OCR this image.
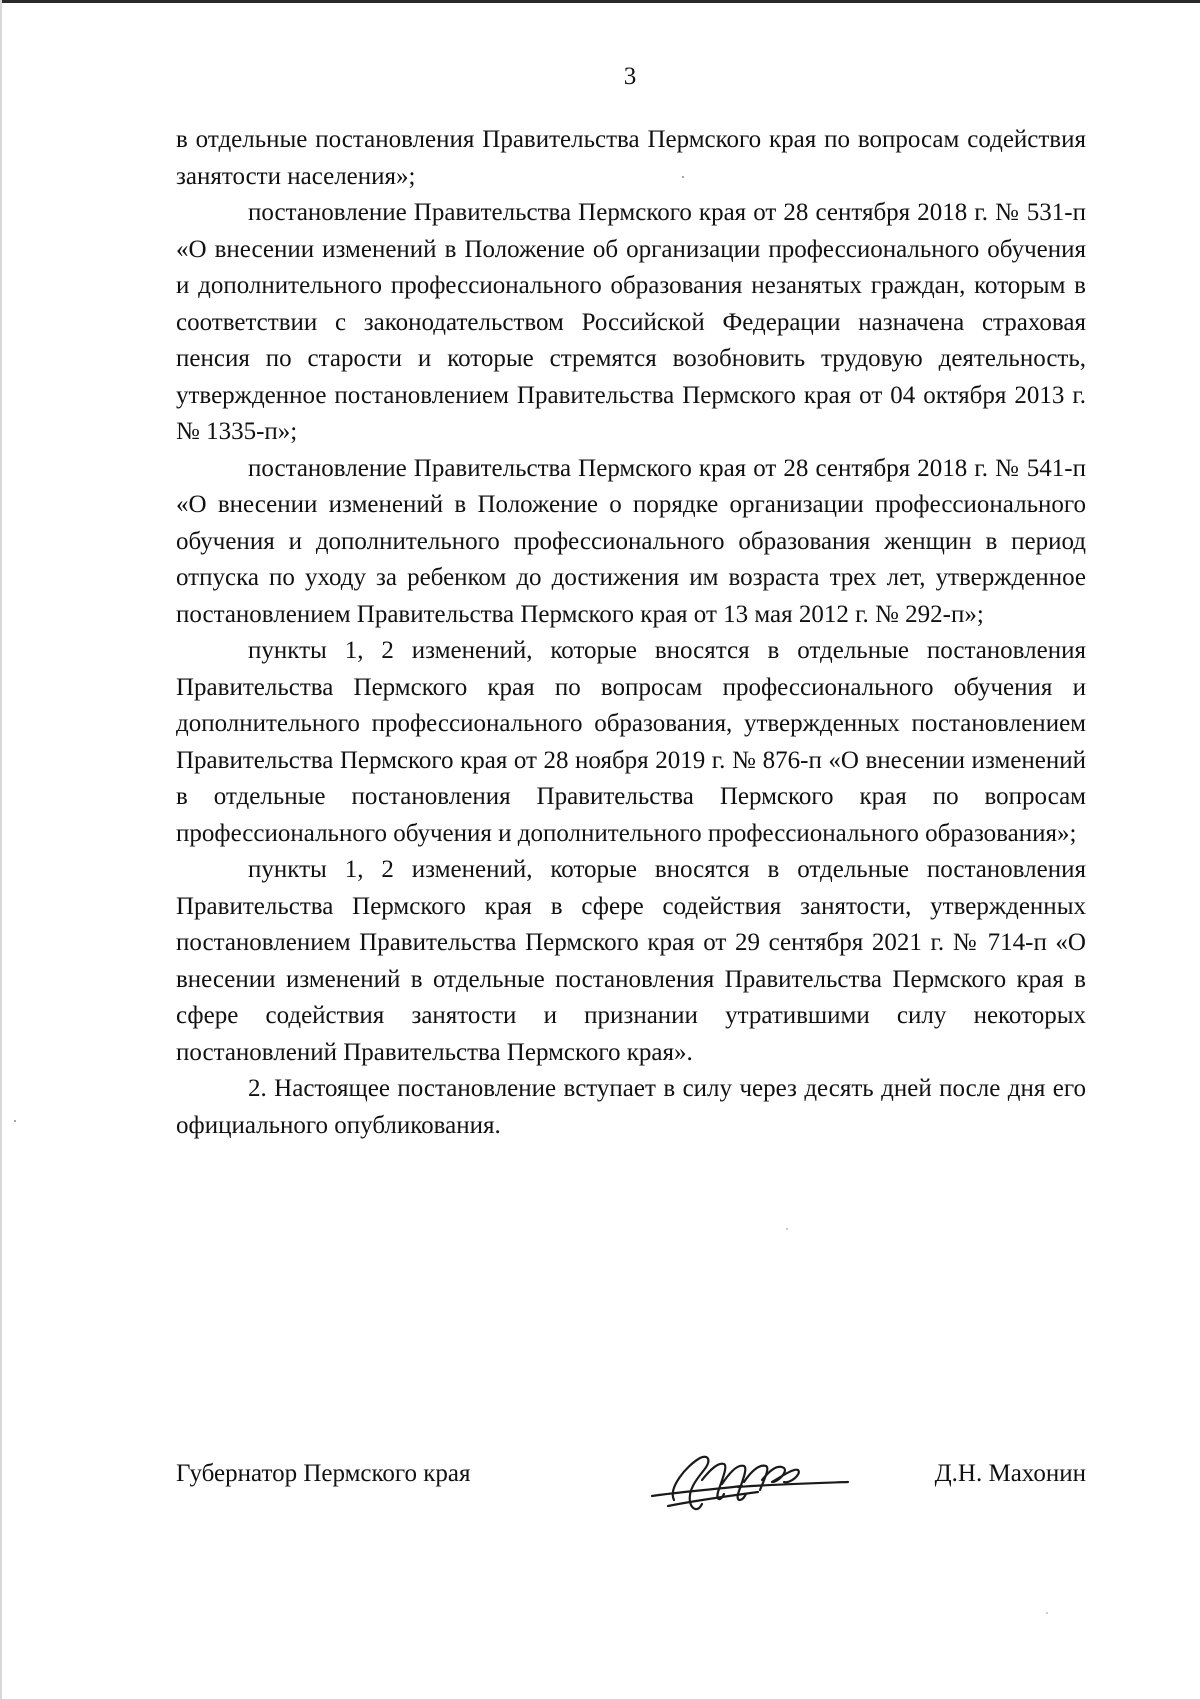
3

в отдельные постановления Правительства Пермского края по вопросам содействия занятости населения»;

постановление Правительства Пермского края от 28 сентября 2018 г. № 531-п «О внесении изменений в Положение об организации профессионального обучения и дополнительного профессионального образования незанятых граждан, которым в соответствии с законодательством Российской Федерации назначена страховая пенсия по старости и которые стремятся возобновить трудовую деятельность, утвержденное постановлением Правительства Пермского края от 04 октября 2013 г. № 1335-п»;

постановление Правительства Пермского края от 28 сентября 2018 г. № 541-п «О внесении изменений в Положение о порядке организации профессионального обучения и дополнительного профессионального образования женщин в период отпуска по уходу за ребенком до достижения им возраста трех лет, утвержденное постановлением Правительства Пермского края от 13 мая 2012 г. № 292-п»;

пункты 1, 2 изменений, которые вносятся в отдельные постановления Правительства Пермского края по вопросам профессионального обучения и дополнительного профессионального образования, утвержденных постановлением Правительства Пермского края от 28 ноября 2019 г. № 876-п «О внесении изменений в отдельные постановления Правительства Пермского края по вопросам профессионального обучения и дополнительного профессионального образования»;

пункты 1, 2 изменений, которые вносятся в отдельные постановления Правительства Пермского края в сфере содействия занятости, утвержденных постановлением Правительства Пермского края от 29 сентября 2021 г. № 714-п «О внесении изменений в отдельные постановления Правительства Пермского края в сфере содействия занятости и признании утратившими силу некоторых постановлений Правительства Пермского края».

2. Настоящее постановление вступает в силу через десять дней после дня его официального опубликования.

Губернатор Пермского края	Д.Н. Махонин
